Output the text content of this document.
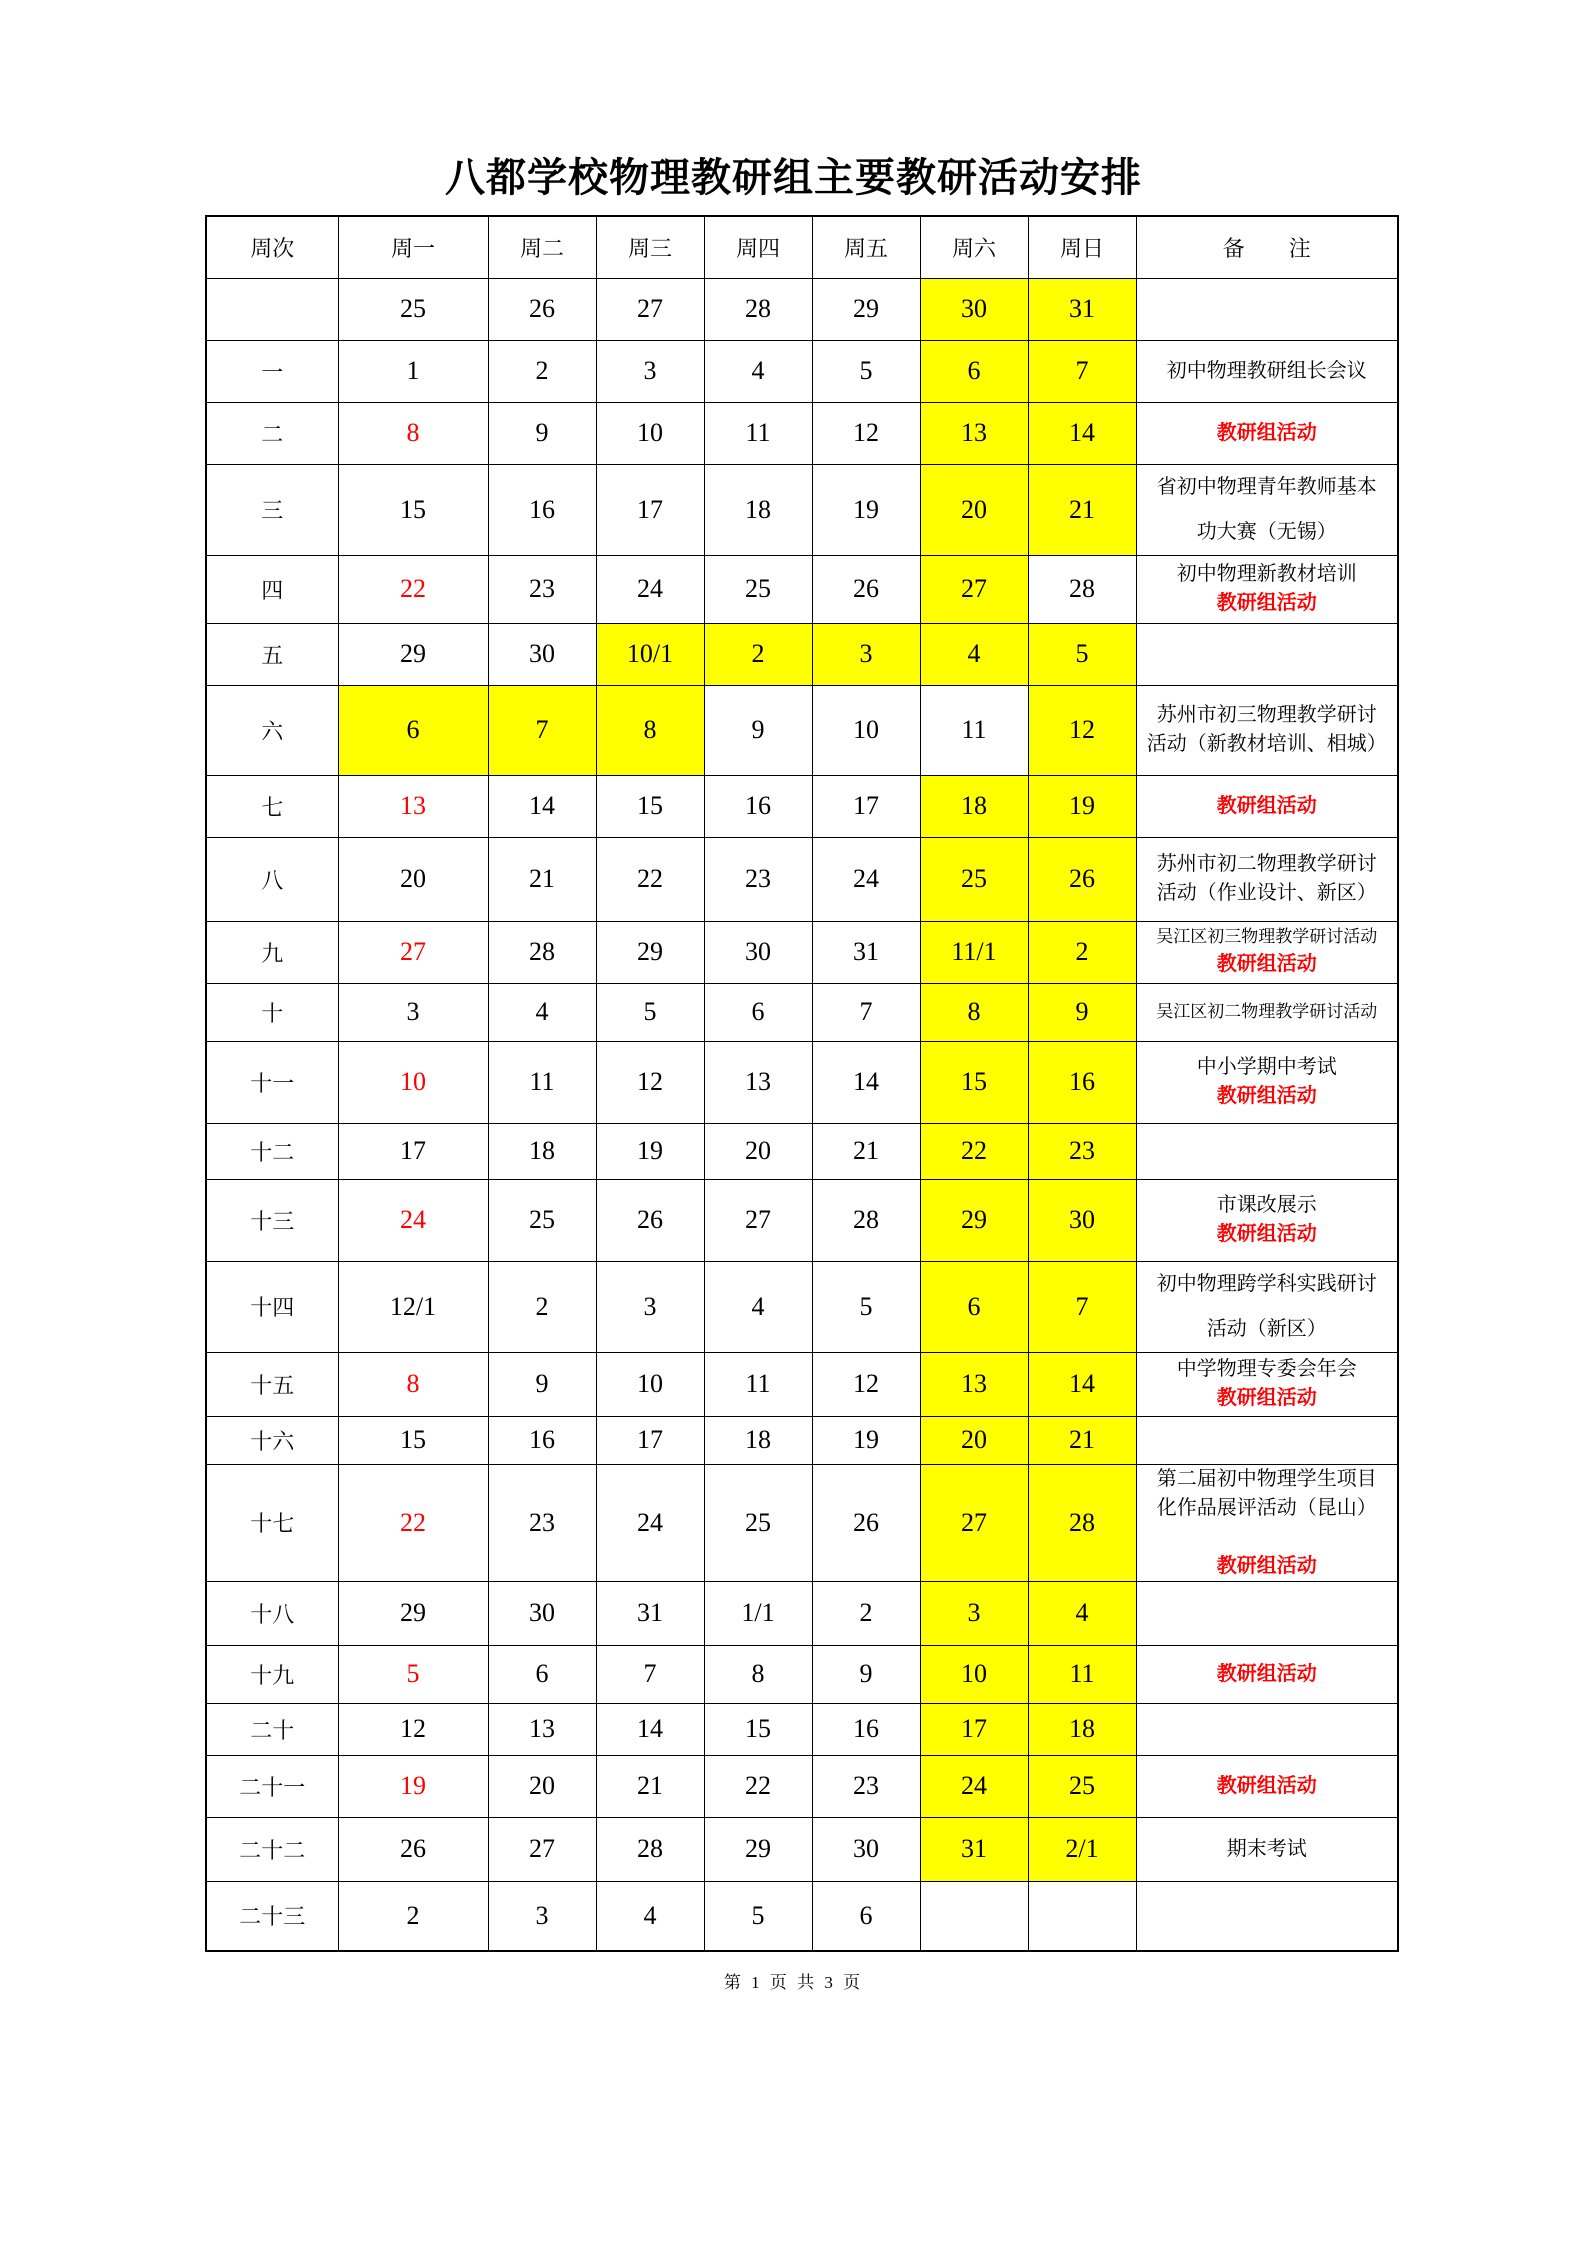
八都学校物理教研组主要教研活动安排
周次	周一	周二	周三	周四	周五	周六	周日	备　　注
	25	26	27	28	29	30	31	
一	1	2	3	4	5	6	7	初中物理教研组长会议

二	8	9	10	11	12	13	14	教研组活动

三	15	16	17	18	19	20	21	省初中物理青年教师基本
功大赛（无锡）

四	22	23	24	25	26	27	28	初中物理新教材培训
教研组活动

五	29	30	10/1	2	3	4	5	
六	6	7	8	9	10	11	12	苏州市初三物理教学研讨
活动（新教材培训、相城）

七	13	14	15	16	17	18	19	教研组活动

八	20	21	22	23	24	25	26	苏州市初二物理教学研讨
活动（作业设计、新区）

九	27	28	29	30	31	11/1	2	吴江区初三物理教学研讨活动
教研组活动

十	3	4	5	6	7	8	9	吴江区初二物理教学研讨活动

十一	10	11	12	13	14	15	16	中小学期中考试
教研组活动

十二	17	18	19	20	21	22	23	
十三	24	25	26	27	28	29	30	市课改展示
教研组活动

十四	12/1	2	3	4	5	6	7	初中物理跨学科实践研讨
活动（新区）

十五	8	9	10	11	12	13	14	中学物理专委会年会
教研组活动

十六	15	16	17	18	19	20	21	
十七	22	23	24	25	26	27	28	第二届初中物理学生项目
化作品展评活动（昆山）
教研组活动

十八	29	30	31	1/1	2	3	4	
十九	5	6	7	8	9	10	11	教研组活动

二十	12	13	14	15	16	17	18	
二十一	19	20	21	22	23	24	25	教研组活动

二十二	26	27	28	29	30	31	2/1	期末考试

二十三	2	3	4	5	6			
第 1 页 共 3 页
